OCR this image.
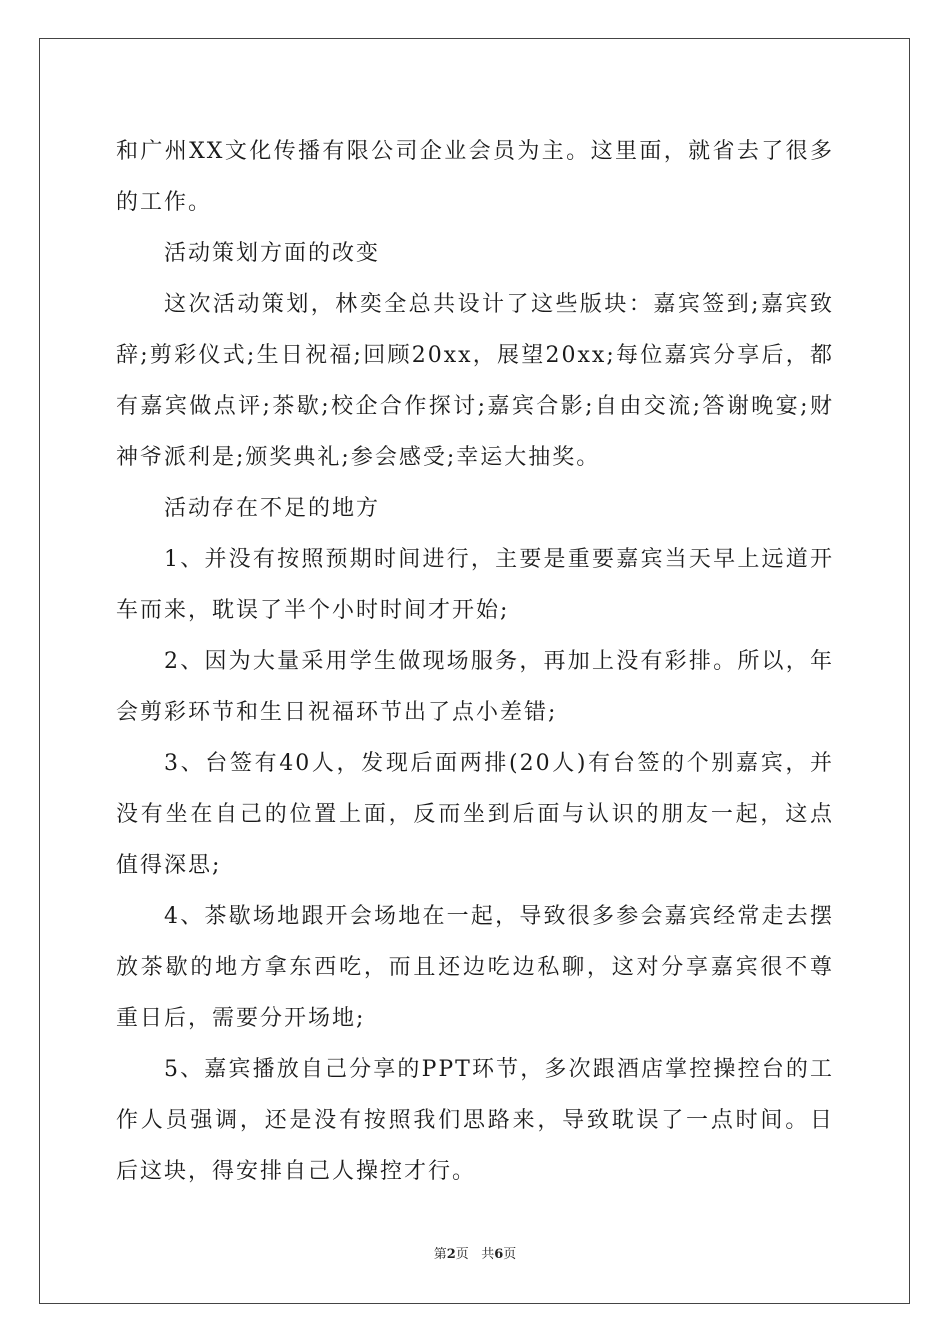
和广州XX文化传播有限公司企业会员为主。这里面，就省去了很多的工作。

活动策划方面的改变

这次活动策划，林奕全总共设计了这些版块：嘉宾签到;嘉宾致辞;剪彩仪式;生日祝福;回顾20xx，展望20xx;每位嘉宾分享后，都有嘉宾做点评;茶歇;校企合作探讨;嘉宾合影;自由交流;答谢晚宴;财神爷派利是;颁奖典礼;参会感受;幸运大抽奖。

活动存在不足的地方

1、并没有按照预期时间进行，主要是重要嘉宾当天早上远道开车而来，耽误了半个小时时间才开始;

2、因为大量采用学生做现场服务，再加上没有彩排。所以，年会剪彩环节和生日祝福环节出了点小差错;

3、台签有40人，发现后面两排(20人)有台签的个别嘉宾，并没有坐在自己的位置上面，反而坐到后面与认识的朋友一起，这点值得深思;

4、茶歇场地跟开会场地在一起，导致很多参会嘉宾经常走去摆放茶歇的地方拿东西吃，而且还边吃边私聊，这对分享嘉宾很不尊重日后，需要分开场地;

5、嘉宾播放自己分享的PPT环节，多次跟酒店掌控操控台的工作人员强调，还是没有按照我们思路来，导致耽误了一点时间。日后这块，得安排自己人操控才行。

第2页 共6页
